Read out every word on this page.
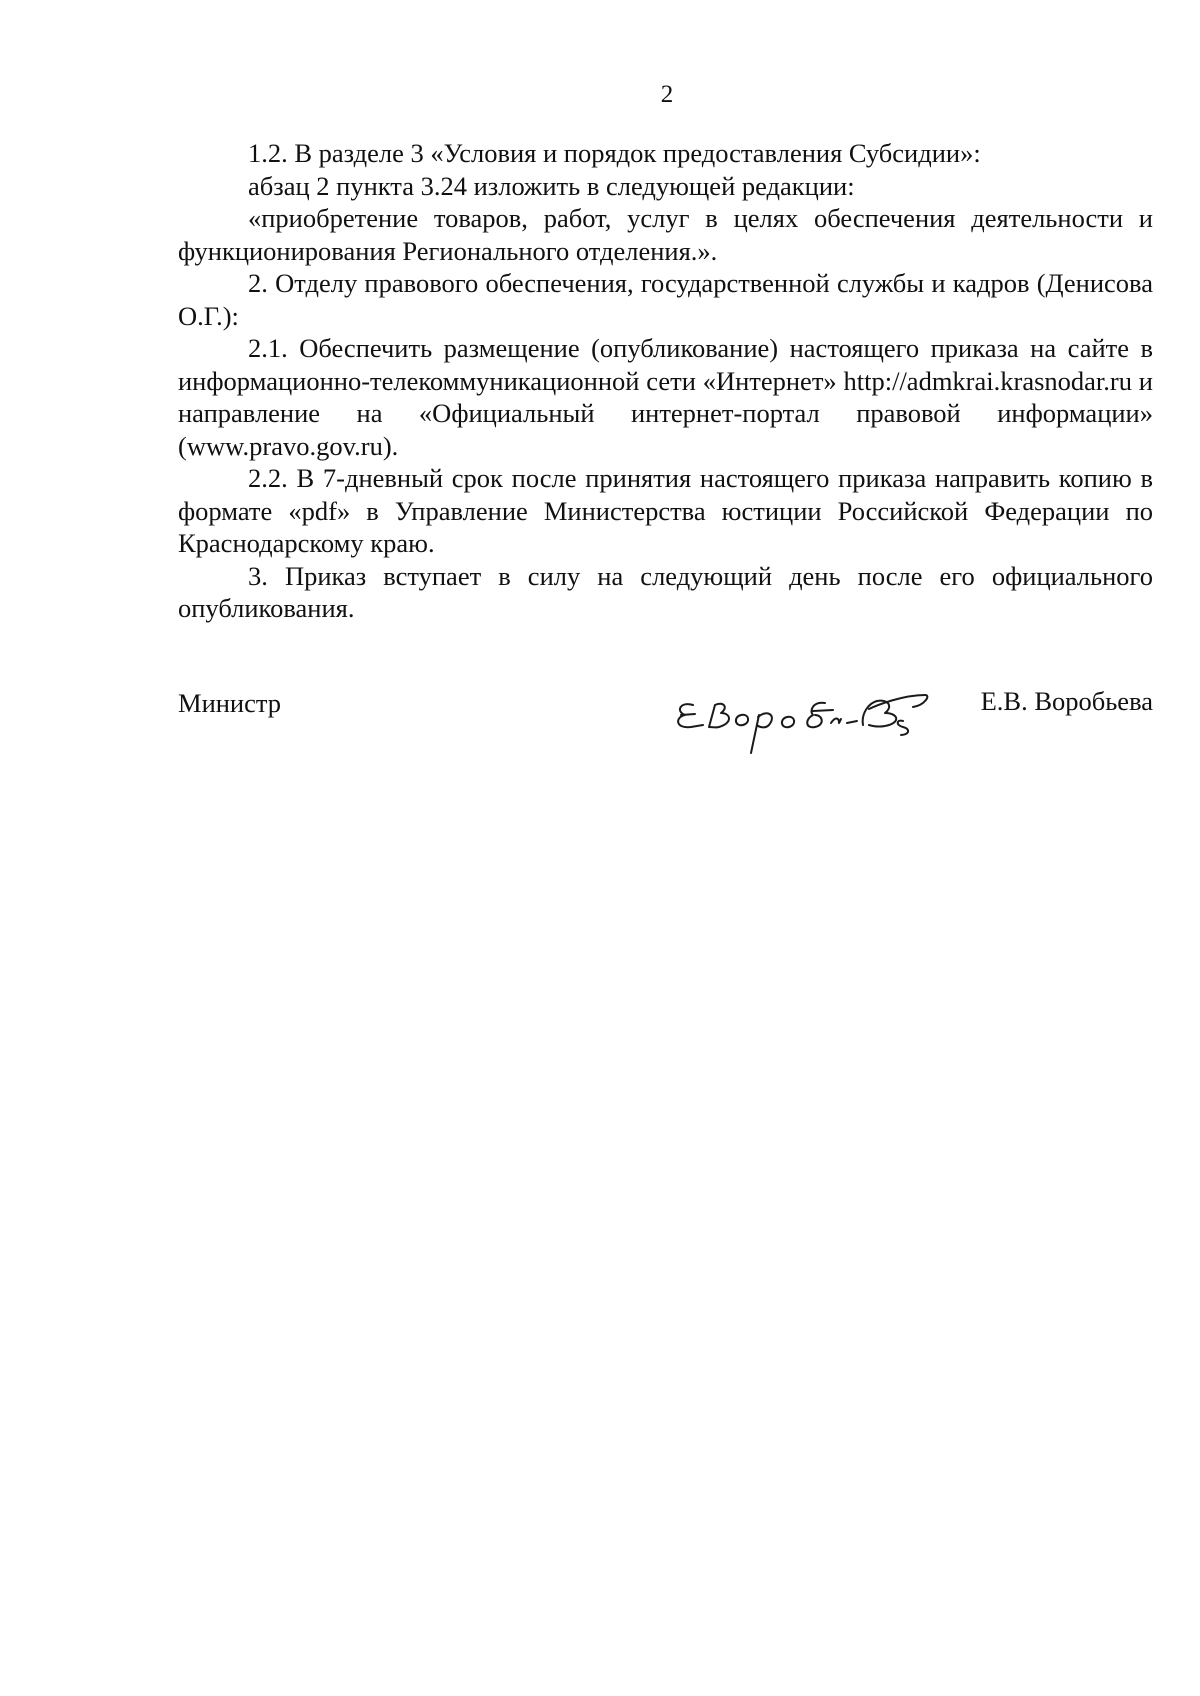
2

1.2. В разделе 3 «Условия и порядок предоставления Субсидии»:

абзац 2 пункта 3.24 изложить в следующей редакции:

«приобретение товаров, работ, услуг в целях обеспечения деятельности и функционирования Регионального отделения.».

2. Отделу правового обеспечения, государственной службы и кадров (Денисова О.Г.):

2.1. Обеспечить размещение (опубликование) настоящего приказа на сайте в информационно-телекоммуникационной сети «Интернет» http://admkrai.krasnodar.ru и направление на «Официальный интернет-портал правовой информации» (www.pravo.gov.ru).

2.2. В 7-дневный срок после принятия настоящего приказа направить копию в формате «pdf» в Управление Министерства юстиции Российской Федерации по Краснодарскому краю.

3. Приказ вступает в силу на следующий день после его официального опубликования.

Министр	Е.В. Воробьева
